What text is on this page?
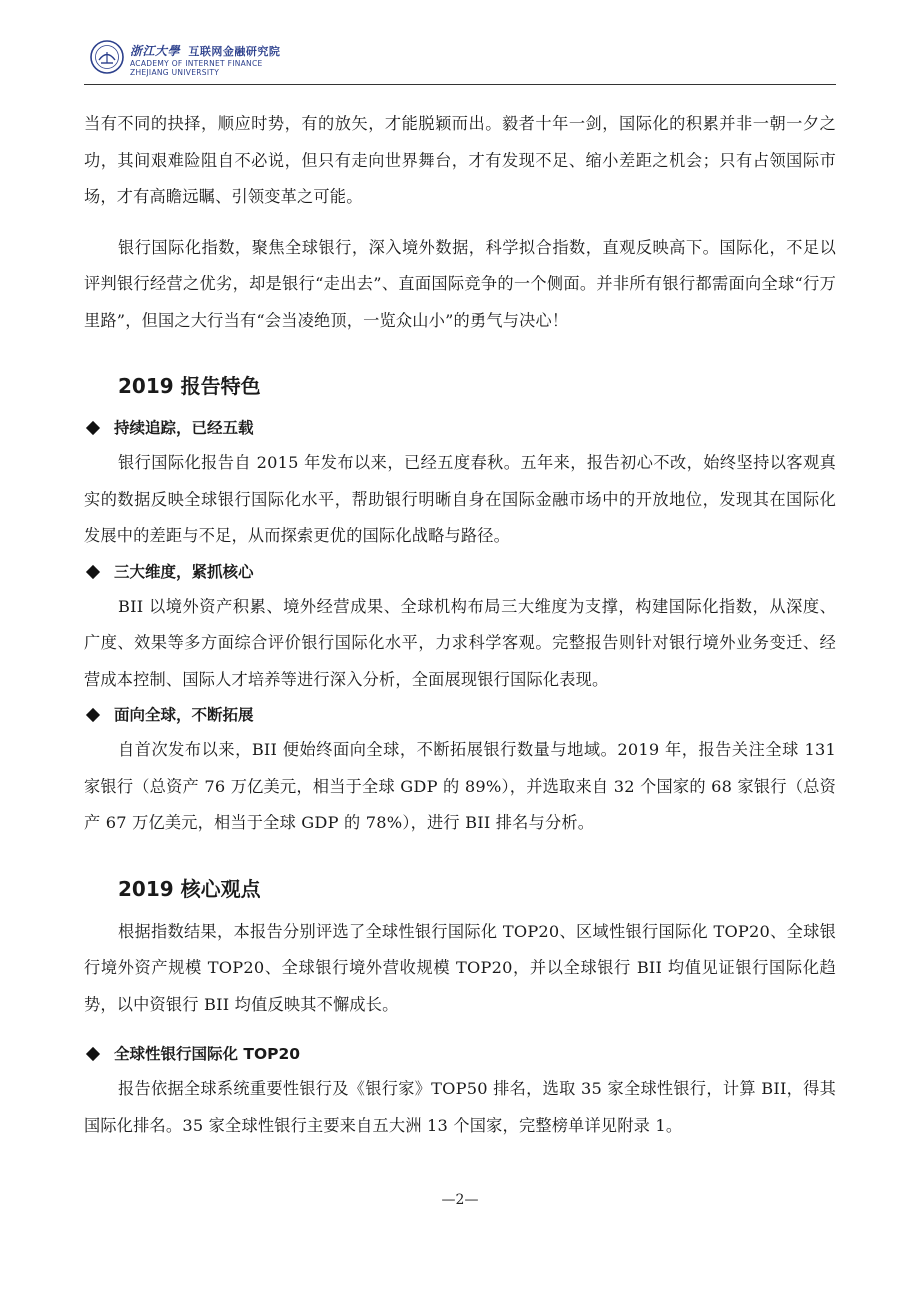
浙江大學 互联网金融研究院
ACADEMY OF INTERNET FINANCE
ZHEJIANG UNIVERSITY

当有不同的抉择，顺应时势，有的放矢，才能脱颖而出。毅者十年一剑，国际化的积累并非一朝一夕之功，其间艰难险阻自不必说，但只有走向世界舞台，才有发现不足、缩小差距之机会；只有占领国际市场，才有高瞻远瞩、引领变革之可能。

银行国际化指数，聚焦全球银行，深入境外数据，科学拟合指数，直观反映高下。国际化，不足以评判银行经营之优劣，却是银行“走出去”、直面国际竞争的一个侧面。并非所有银行都需面向全球“行万里路”，但国之大行当有“会当凌绝顶，一览众山小”的勇气与决心！

2019 报告特色
持续追踪，已经五载

银行国际化报告自 2015 年发布以来，已经五度春秋。五年来，报告初心不改，始终坚持以客观真实的数据反映全球银行国际化水平，帮助银行明晰自身在国际金融市场中的开放地位，发现其在国际化发展中的差距与不足，从而探索更优的国际化战略与路径。

三大维度，紧抓核心

BII 以境外资产积累、境外经营成果、全球机构布局三大维度为支撑，构建国际化指数，从深度、广度、效果等多方面综合评价银行国际化水平，力求科学客观。完整报告则针对银行境外业务变迁、经营成本控制、国际人才培养等进行深入分析，全面展现银行国际化表现。

面向全球，不断拓展

自首次发布以来，BII 便始终面向全球，不断拓展银行数量与地域。2019 年，报告关注全球 131 家银行（总资产 76 万亿美元，相当于全球 GDP 的 89%），并选取来自 32 个国家的 68 家银行（总资产 67 万亿美元，相当于全球 GDP 的 78%），进行 BII 排名与分析。

2019 核心观点

根据指数结果，本报告分别评选了全球性银行国际化 TOP20、区域性银行国际化 TOP20、全球银行境外资产规模 TOP20、全球银行境外营收规模 TOP20，并以全球银行 BII 均值见证银行国际化趋势，以中资银行 BII 均值反映其不懈成长。

全球性银行国际化 TOP20

报告依据全球系统重要性银行及《银行家》TOP50 排名，选取 35 家全球性银行，计算 BII，得其国际化排名。35 家全球性银行主要来自五大洲 13 个国家，完整榜单详见附录 1。

—2—
